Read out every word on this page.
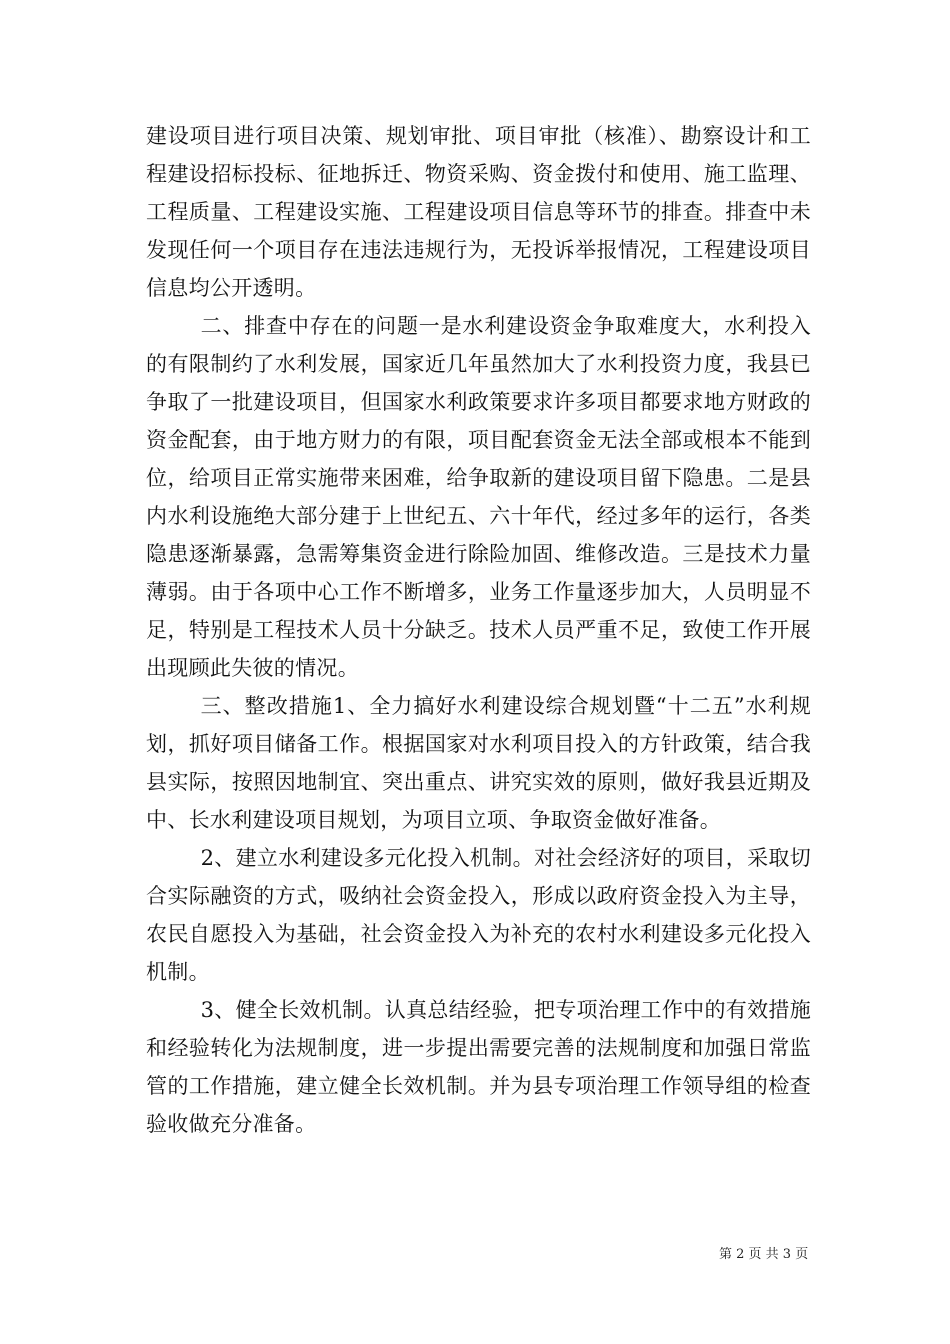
建设项目进行项目决策、规划审批、项目审批（核准）、勘察设计和工程建设招标投标、征地拆迁、物资采购、资金拨付和使用、施工监理、工程质量、工程建设实施、工程建设项目信息等环节的排查。排查中未发现任何一个项目存在违法违规行为，无投诉举报情况，工程建设项目信息均公开透明。

二、排查中存在的问题一是水利建设资金争取难度大，水利投入的有限制约了水利发展，国家近几年虽然加大了水利投资力度，我县已争取了一批建设项目，但国家水利政策要求许多项目都要求地方财政的资金配套，由于地方财力的有限，项目配套资金无法全部或根本不能到位，给项目正常实施带来困难，给争取新的建设项目留下隐患。二是县内水利设施绝大部分建于上世纪五、六十年代，经过多年的运行，各类隐患逐渐暴露，急需筹集资金进行除险加固、维修改造。三是技术力量薄弱。由于各项中心工作不断增多，业务工作量逐步加大，人员明显不足，特别是工程技术人员十分缺乏。技术人员严重不足，致使工作开展出现顾此失彼的情况。

三、整改措施1、全力搞好水利建设综合规划暨“十二五”水利规划，抓好项目储备工作。根据国家对水利项目投入的方针政策，结合我县实际，按照因地制宜、突出重点、讲究实效的原则，做好我县近期及中、长水利建设项目规划，为项目立项、争取资金做好准备。

2、建立水利建设多元化投入机制。对社会经济好的项目，采取切合实际融资的方式，吸纳社会资金投入，形成以政府资金投入为主导，农民自愿投入为基础，社会资金投入为补充的农村水利建设多元化投入机制。

3、健全长效机制。认真总结经验，把专项治理工作中的有效措施和经验转化为法规制度，进一步提出需要完善的法规制度和加强日常监管的工作措施，建立健全长效机制。并为县专项治理工作领导组的检查验收做充分准备。

第 2 页 共 3 页
